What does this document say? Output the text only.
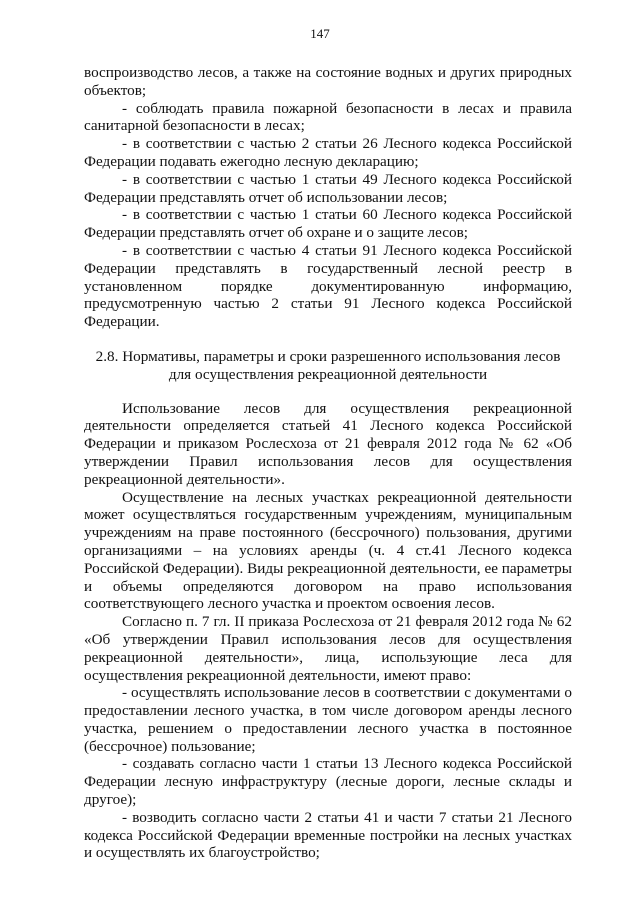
147

воспроизводство лесов, а также на состояние водных и других природных объектов;

- соблюдать правила пожарной безопасности в лесах и правила санитарной безопасности в лесах;

- в соответствии с частью 2 статьи 26 Лесного кодекса Российской Федерации подавать ежегодно лесную декларацию;

- в соответствии с частью 1 статьи 49 Лесного кодекса Российской Федерации представлять отчет об использовании лесов;

- в соответствии с частью 1 статьи 60 Лесного кодекса Российской Федерации представлять отчет об охране и о защите лесов;

- в соответствии с частью 4 статьи 91 Лесного кодекса Российской Федерации представлять в государственный лесной реестр в установленном порядке документированную информацию, предусмотренную частью 2 статьи 91 Лесного кодекса Российской Федерации.

2.8. Нормативы, параметры и сроки разрешенного использования лесов для осуществления рекреационной деятельности

Использование лесов для осуществления рекреационной деятельности определяется статьей 41 Лесного кодекса Российской Федерации и приказом Рослесхоза от 21 февраля 2012 года № 62 «Об утверждении Правил использования лесов для осуществления рекреационной деятельности».

Осуществление на лесных участках рекреационной деятельности может осуществляться государственным учреждениям, муниципальным учреждениям на праве постоянного (бессрочного) пользования, другими организациями – на условиях аренды (ч. 4 ст.41 Лесного кодекса Российской Федерации). Виды рекреационной деятельности, ее параметры и объемы определяются договором на право использования соответствующего лесного участка и проектом освоения лесов.

Согласно п. 7 гл. II приказа Рослесхоза от 21 февраля 2012 года № 62 «Об утверждении Правил использования лесов для осуществления рекреационной деятельности», лица, использующие леса для осуществления рекреационной деятельности, имеют право:

- осуществлять использование лесов в соответствии с документами о предоставлении лесного участка, в том числе договором аренды лесного участка, решением о предоставлении лесного участка в постоянное (бессрочное) пользование;

- создавать согласно части 1 статьи 13 Лесного кодекса Российской Федерации лесную инфраструктуру (лесные дороги, лесные склады и другое);

- возводить согласно части 2 статьи 41 и части 7 статьи 21 Лесного кодекса Российской Федерации временные постройки на лесных участках и осуществлять их благоустройство;
